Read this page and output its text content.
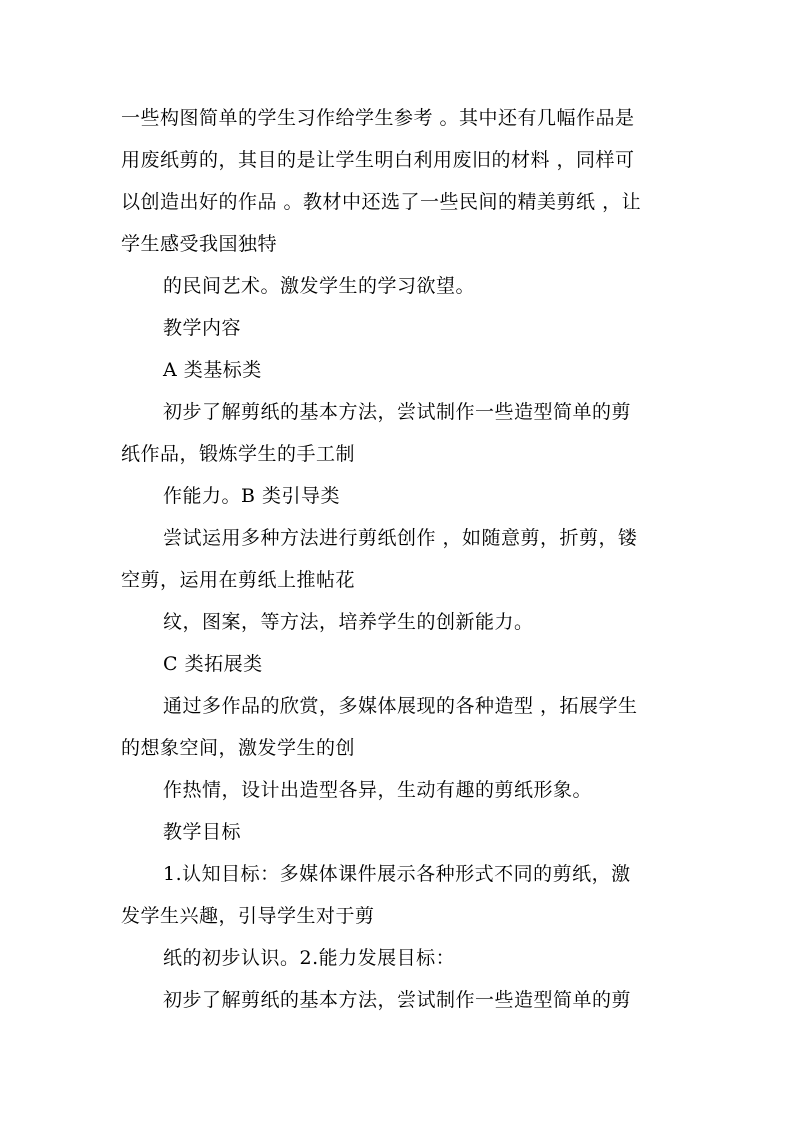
一些构图简单的学生习作给学生参考 。其中还有几幅作品是
用废纸剪的，其目的是让学生明白利用废旧的材料 ，同样可
以创造出好的作品 。教材中还选了一些民间的精美剪纸 ，让
学生感受我国独特
的民间艺术。激发学生的学习欲望。
教学内容
A 类基标类
初步了解剪纸的基本方法，尝试制作一些造型简单的剪
纸作品，锻炼学生的手工制
作能力。B 类引导类
尝试运用多种方法进行剪纸创作 ，如随意剪，折剪，镂
空剪，运用在剪纸上推帖花
纹，图案，等方法，培养学生的创新能力。
C 类拓展类
通过多作品的欣赏，多媒体展现的各种造型 ，拓展学生
的想象空间，激发学生的创
作热情，设计出造型各异，生动有趣的剪纸形象。
教学目标
1.认知目标：多媒体课件展示各种形式不同的剪纸，激
发学生兴趣，引导学生对于剪
纸的初步认识。2.能力发展目标：
初步了解剪纸的基本方法，尝试制作一些造型简单的剪
